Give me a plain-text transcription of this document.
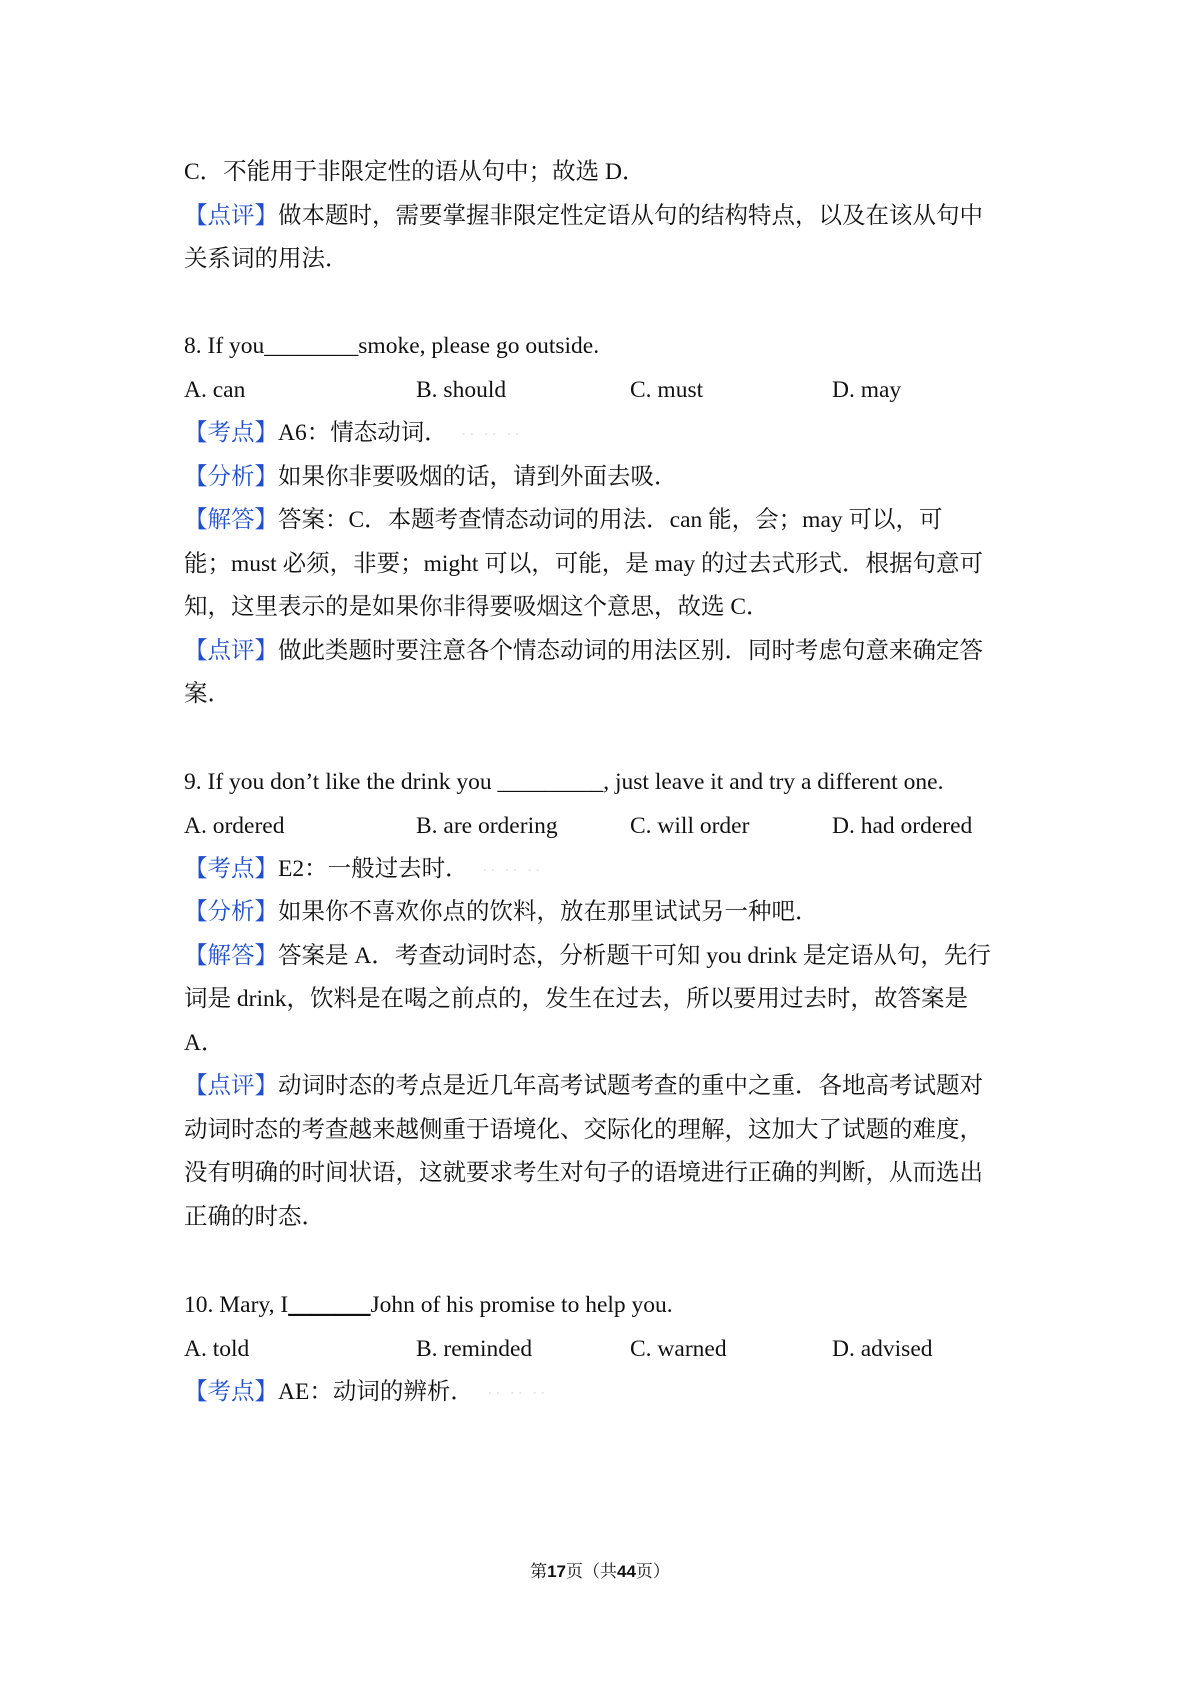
C．不能用于非限定性的语从句中；故选 D．
【点评】做本题时，需要掌握非限定性定语从句的结构特点，以及在该从句中
关系词的用法．
8. If you________smoke, please go outside.
A. can	B. should	C. must	D. may
【考点】A6：情态动词．  ·· ·· ··
【分析】如果你非要吸烟的话，请到外面去吸．
【解答】答案：C．本题考查情态动词的用法．can 能，会；may 可以，可
能；must 必须，非要；might 可以，可能，是 may 的过去式形式．根据句意可
知，这里表示的是如果你非得要吸烟这个意思，故选 C．
【点评】做此类题时要注意各个情态动词的用法区别．同时考虑句意来确定答
案．
9. If you don’t like the drink you _________, just leave it and try a different one.
A. ordered	B. are ordering	C. will order	D. had ordered
【考点】E2：一般过去时．  ·· ·· ··
【分析】如果你不喜欢你点的饮料，放在那里试试另一种吧．
【解答】答案是 A．考查动词时态，分析题干可知 you drink 是定语从句，先行
词是 drink，饮料是在喝之前点的，发生在过去，所以要用过去时，故答案是
A．
【点评】动词时态的考点是近几年高考试题考查的重中之重．各地高考试题对
动词时态的考查越来越侧重于语境化、交际化的理解，这加大了试题的难度，
没有明确的时间状语，这就要求考生对句子的语境进行正确的判断，从而选出
正确的时态．
10. Mary, I_______John of his promise to help you.
A. told	B. reminded	C. warned	D. advised
【考点】AE：动词的辨析．  ·· ·· ··
第17页（共44页）
